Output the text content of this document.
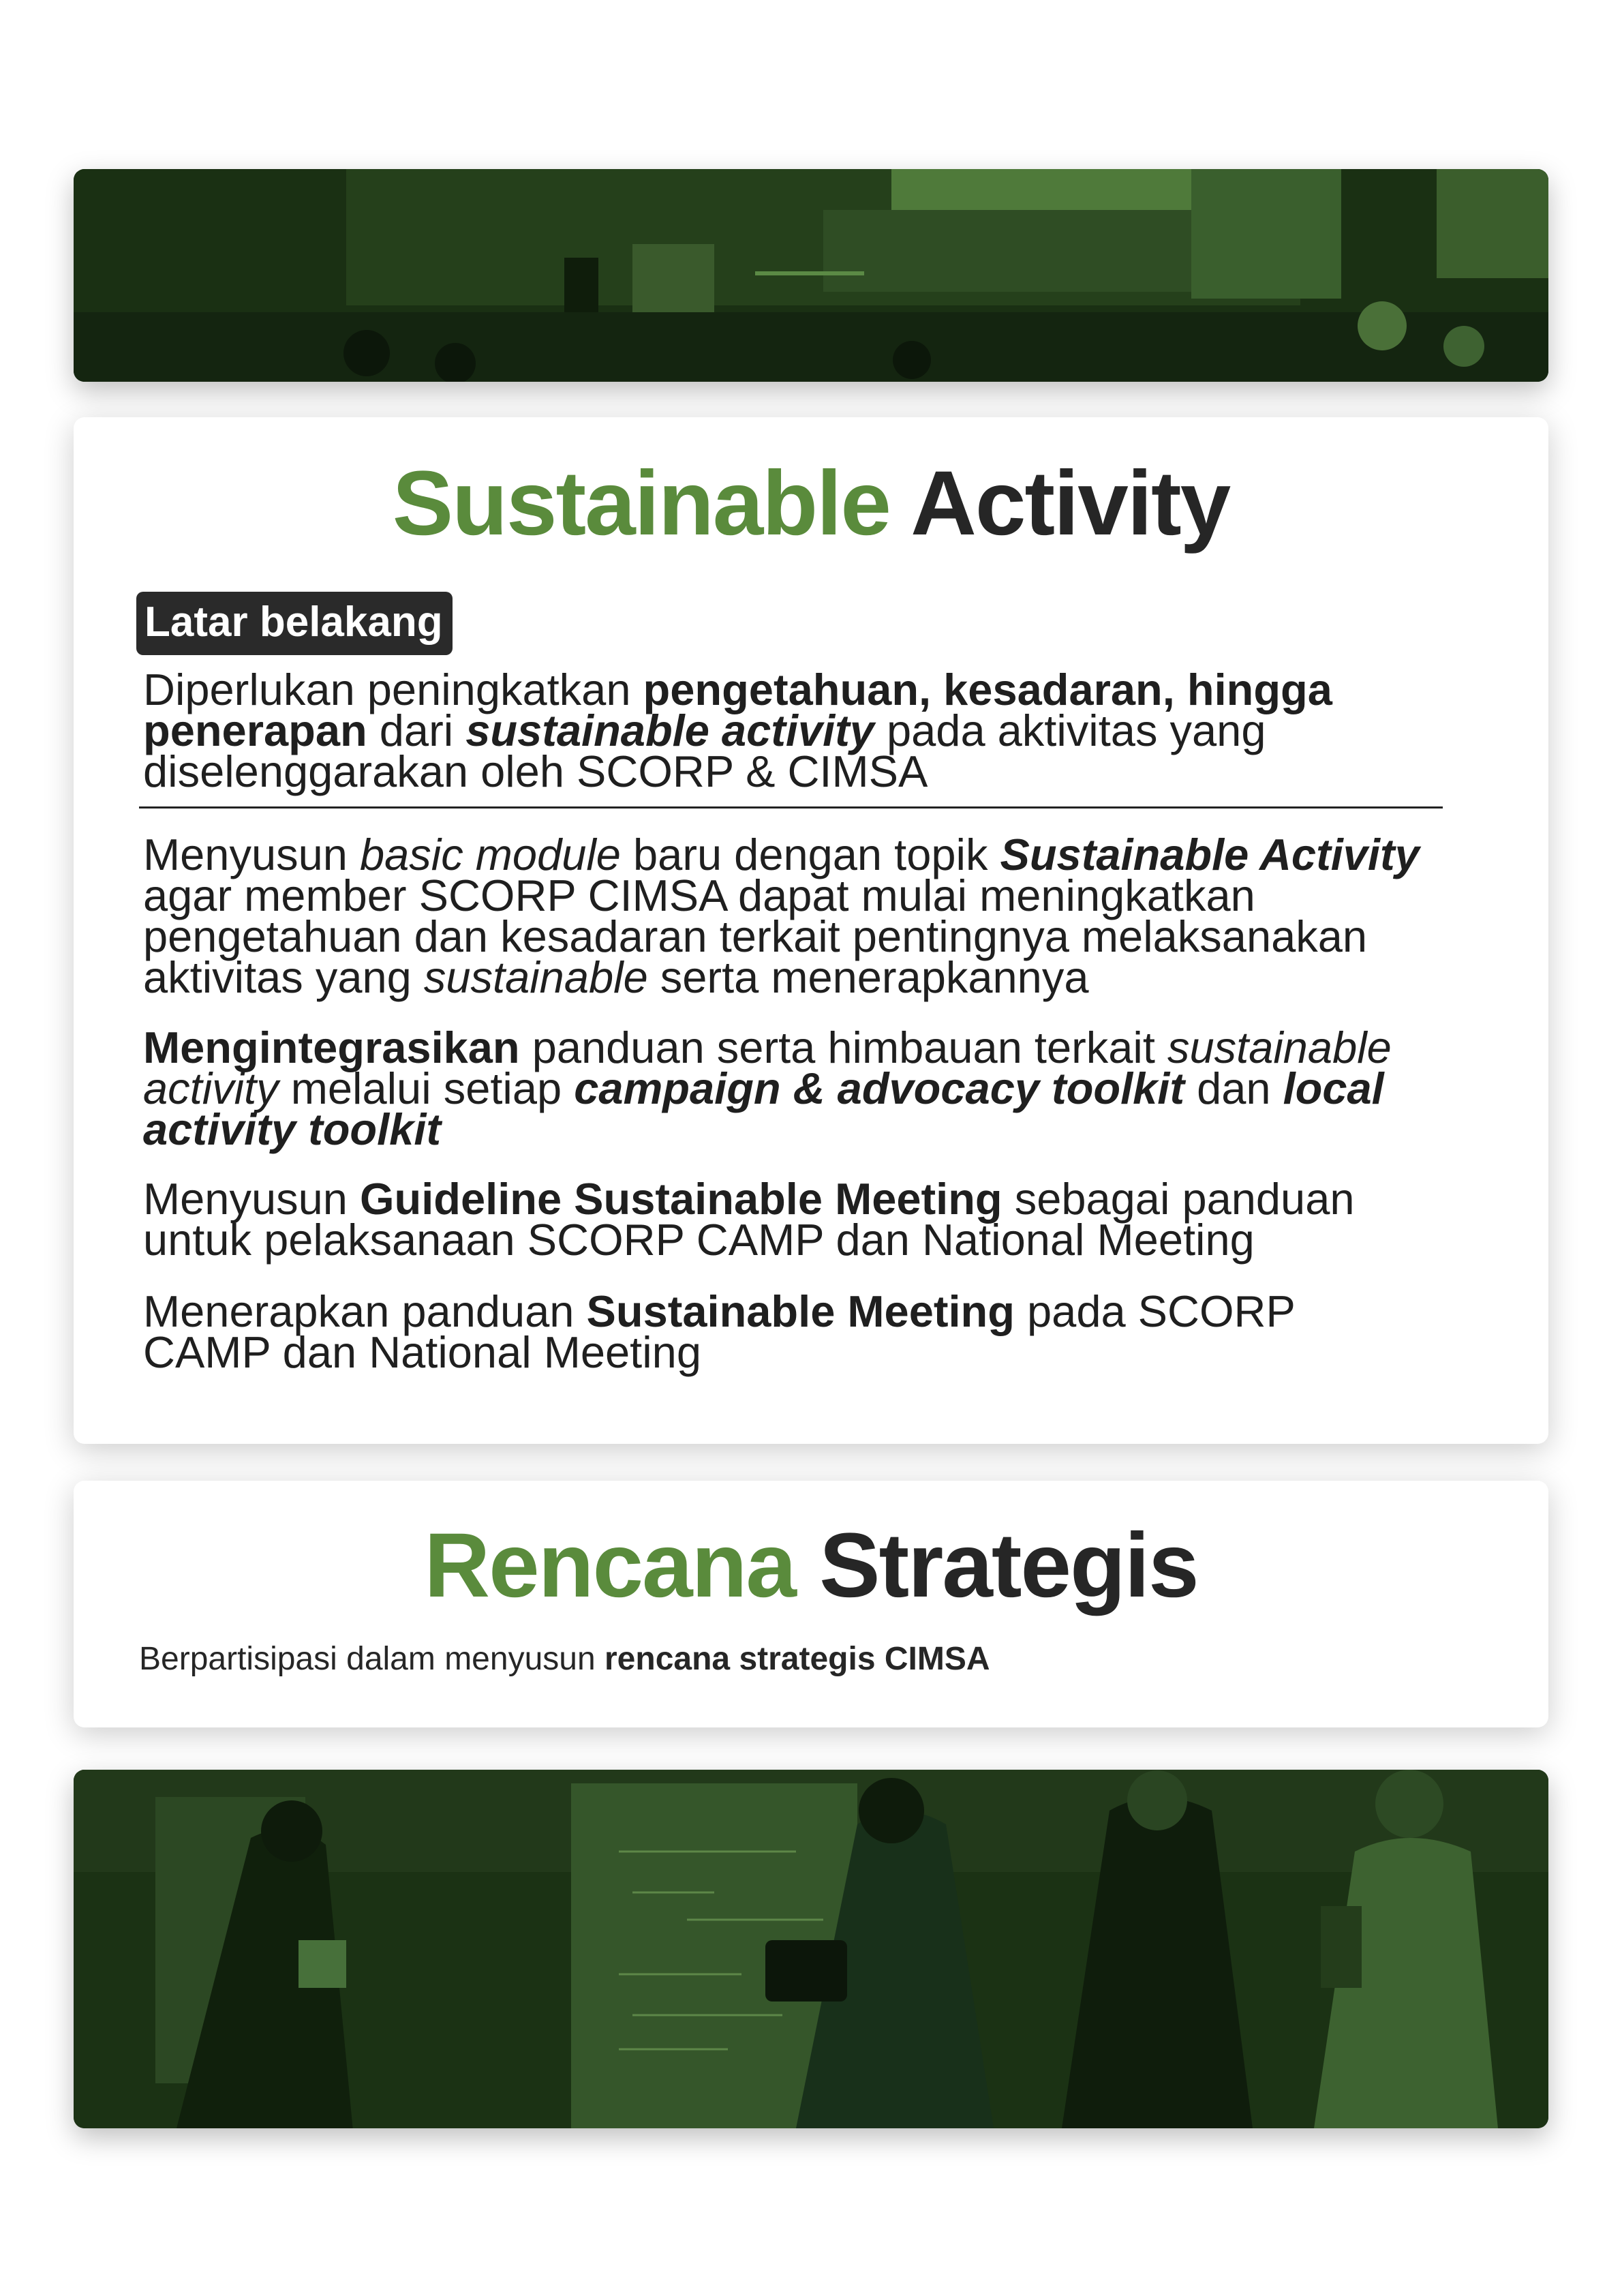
Sustainable Activity
Latar belakang

Diperlukan peningkatkan pengetahuan, kesadaran, hingga penerapan dari sustainable activity pada aktivitas yang diselenggarakan oleh SCORP & CIMSA

Menyusun basic module baru dengan topik Sustainable Activity agar member SCORP CIMSA dapat mulai meningkatkan pengetahuan dan kesadaran terkait pentingnya melaksanakan aktivitas yang sustainable serta menerapkannya

Mengintegrasikan panduan serta himbauan terkait sustainable activity melalui setiap campaign & advocacy toolkit dan local activity toolkit

Menyusun Guideline Sustainable Meeting sebagai panduan untuk pelaksanaan SCORP CAMP dan National Meeting

Menerapkan panduan Sustainable Meeting pada SCORP CAMP dan National Meeting

Rencana Strategis

Berpartisipasi dalam menyusun rencana strategis CIMSA
